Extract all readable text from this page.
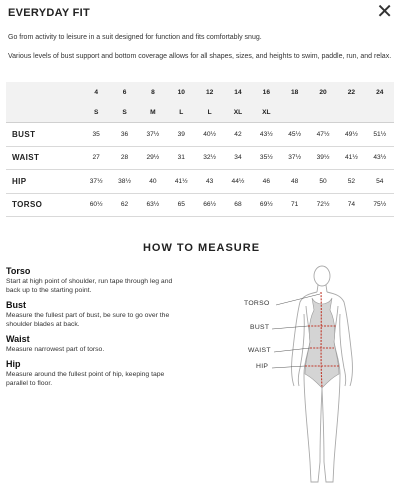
EVERYDAY FIT	✕

Go from activity to leisure in a suit designed for function and fits comfortably snug.

Various levels of bust support and bottom coverage allows for all shapes, sizes, and heights to swim, paddle, run, and relax.

	4	6	8	10	12	14	16	18	20	22	24
	S	S	M	L	L	XL	XL				
BUST	35	36	37½	39	40½	42	43½	45½	47½	49½	51½
WAIST	27	28	29½	31	32½	34	35½	37½	39½	41½	43½
HIP	37½	38½	40	41½	43	44½	46	48	50	52	54
TORSO	60½	62	63½	65	66½	68	69½	71	72½	74	75½
HOW TO MEASURE
Torso
Start at high point of shoulder, run tape through leg and back up to the starting point.
Bust
Measure the fullest part of bust, be sure to go over the shoulder blades at back.
Waist
Measure narrowest part of torso.
Hip
Measure around the fullest point of hip, keeping tape parallel to floor.
TORSO
BUST
WAIST
HIP
